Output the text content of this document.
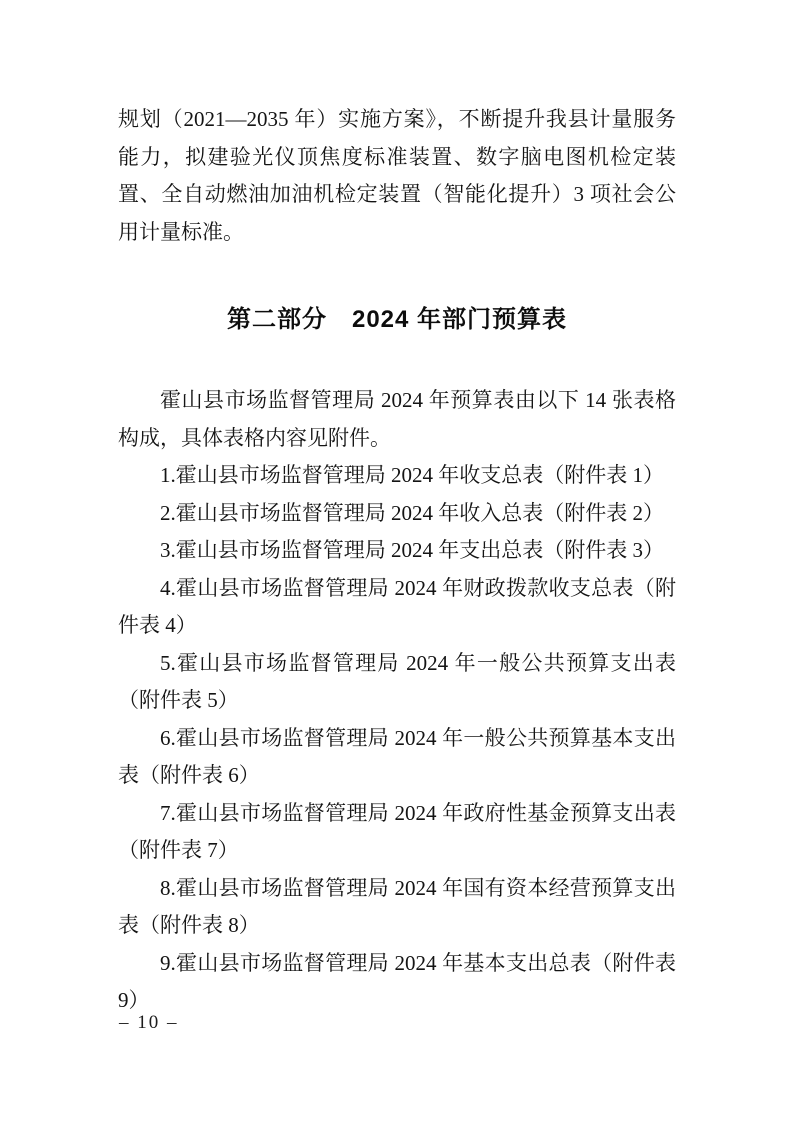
规划（2021—2035 年）实施方案》，不断提升我县计量服务能力，拟建验光仪顶焦度标准装置、数字脑电图机检定装置、全自动燃油加油机检定装置（智能化提升）3 项社会公用计量标准。

第二部分　2024 年部门预算表

霍山县市场监督管理局 2024 年预算表由以下 14 张表格构成，具体表格内容见附件。

1.霍山县市场监督管理局 2024 年收支总表（附件表 1）

2.霍山县市场监督管理局 2024 年收入总表（附件表 2）

3.霍山县市场监督管理局 2024 年支出总表（附件表 3）

4.霍山县市场监督管理局 2024 年财政拨款收支总表（附件表 4）

5.霍山县市场监督管理局 2024 年一般公共预算支出表（附件表 5）

6.霍山县市场监督管理局 2024 年一般公共预算基本支出表（附件表 6）

7.霍山县市场监督管理局 2024 年政府性基金预算支出表（附件表 7）

8.霍山县市场监督管理局 2024 年国有资本经营预算支出表（附件表 8）

9.霍山县市场监督管理局 2024 年基本支出总表（附件表 9）

– 10 –
